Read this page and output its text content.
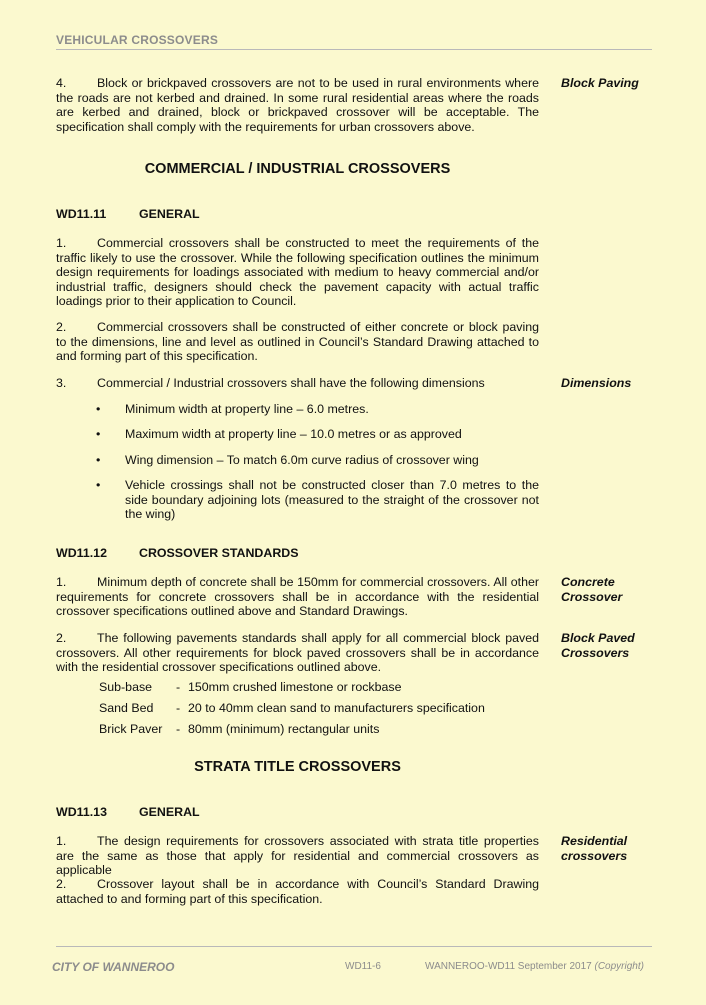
VEHICULAR CROSSOVERS
4. Block or brickpaved crossovers are not to be used in rural environments where the roads are not kerbed and drained. In some rural residential areas where the roads are kerbed and drained, block or brickpaved crossover will be acceptable. The specification shall comply with the requirements for urban crossovers above.
Block Paving
COMMERCIAL / INDUSTRIAL CROSSOVERS
WD11.11	GENERAL
1. Commercial crossovers shall be constructed to meet the requirements of the traffic likely to use the crossover. While the following specification outlines the minimum design requirements for loadings associated with medium to heavy commercial and/or industrial traffic, designers should check the pavement capacity with actual traffic loadings prior to their application to Council.
2. Commercial crossovers shall be constructed of either concrete or block paving to the dimensions, line and level as outlined in Council’s Standard Drawing attached to and forming part of this specification.
3. Commercial / Industrial crossovers shall have the following dimensions	Dimensions
• Minimum width at property line – 6.0 metres.
• Maximum width at property line – 10.0 metres or as approved
• Wing dimension – To match 6.0m curve radius of crossover wing
• Vehicle crossings shall not be constructed closer than 7.0 metres to the side boundary adjoining lots (measured to the straight of the crossover not the wing)
WD11.12	CROSSOVER STANDARDS
1. Minimum depth of concrete shall be 150mm for commercial crossovers. All other requirements for concrete crossovers shall be in accordance with the residential crossover specifications outlined above and Standard Drawings.
Concrete Crossover
2. The following pavements standards shall apply for all commercial block paved crossovers. All other requirements for block paved crossovers shall be in accordance with the residential crossover specifications outlined above.
Block Paved Crossovers
Sub-base - 150mm crushed limestone or rockbase
Sand Bed - 20 to 40mm clean sand to manufacturers specification
Brick Paver - 80mm (minimum) rectangular units
STRATA TITLE CROSSOVERS
WD11.13	GENERAL
1. The design requirements for crossovers associated with strata title properties are the same as those that apply for residential and commercial crossovers as applicable
Residential crossovers
2. Crossover layout shall be in accordance with Council’s Standard Drawing attached to and forming part of this specification.
CITY OF WANNEROO	WD11-6	WANNEROO-WD11 September 2017 (Copyright)
